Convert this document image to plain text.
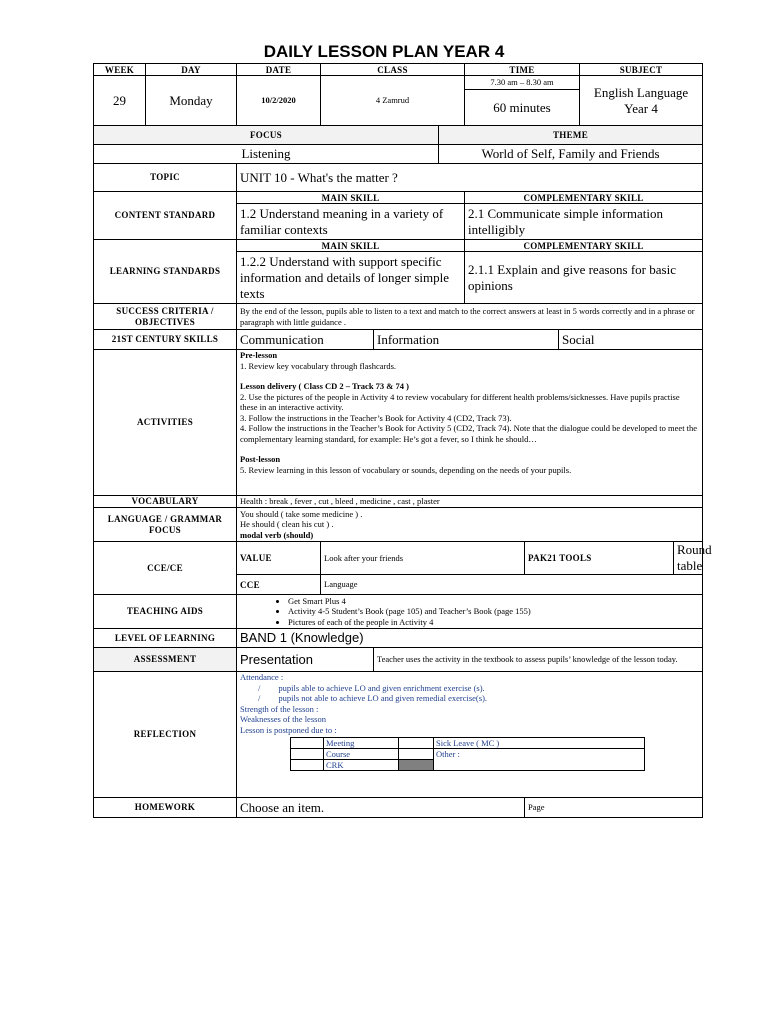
DAILY LESSON PLAN YEAR 4
WEEK	DAY	DATE	CLASS	TIME	SUBJECT
29	Monday	10/2/2020	4 Zamrud	7.30 am – 8.30 am	English Language Year 4
60 minutes
FOCUS	THEME
Listening	World of Self, Family and Friends
TOPIC	UNIT 10 - What's the matter ?
CONTENT STANDARD	MAIN SKILL	COMPLEMENTARY SKILL
1.2 Understand meaning in a variety of familiar contexts	2.1 Communicate simple information intelligibly
LEARNING STANDARDS	MAIN SKILL	COMPLEMENTARY SKILL
1.2.2 Understand with support specific information and details of longer simple texts	2.1.1 Explain and give reasons for basic opinions
SUCCESS CRITERIA / OBJECTIVES	By the end of the lesson, pupils able to listen to a text and match to the correct answers at least in 5 words correctly and in a phrase or paragraph with little guidance .
21ST CENTURY SKILLS	Communication	Information	Social
ACTIVITIES	
Pre-lesson
1. Review key vocabulary through flashcards.
Lesson delivery ( Class CD 2 – Track 73 & 74 )
2. Use the pictures of the people in Activity 4 to review vocabulary for different health problems/sicknesses. Have pupils practise these in an interactive activity.
3. Follow the instructions in the Teacher’s Book for Activity 4 (CD2, Track 73).
4. Follow the instructions in the Teacher’s Book for Activity 5 (CD2, Track 74). Note that the dialogue could be developed to meet the complementary learning standard, for example: He’s got a fever, so I think he should…
Post-lesson
5. Review learning in this lesson of vocabulary or sounds, depending on the needs of your pupils.

VOCABULARY	Health : break , fever , cut , bleed , medicine , cast , plaster
LANGUAGE / GRAMMAR FOCUS	
You should ( take some medicine ) .
He should ( clean his cut ) .
modal verb (should)

CCE/CE	VALUE	Look after your friends	PAK21 TOOLS	Round table
CCE	Language
TEACHING AIDS	
• Get Smart Plus 4
• Activity 4-5 Student’s Book (page 105) and Teacher’s Book (page 155)
• Pictures of each of the people in Activity 4

LEVEL OF LEARNING	BAND 1 (Knowledge)
ASSESSMENT	Presentation	Teacher uses the activity in the textbook to assess pupils’ knowledge of the lesson today.
REFLECTION	
Attendance :
/ pupils able to achieve LO and given enrichment exercise (s).
/ pupils not able to achieve LO and given remedial exercise(s).
Strength of the lesson :
Weaknesses of the lesson
Lesson is postponed due to :
	Meeting		Sick Leave ( MC )
	Course		Other :
	CRK	

HOMEWORK	Choose an item.	Page
